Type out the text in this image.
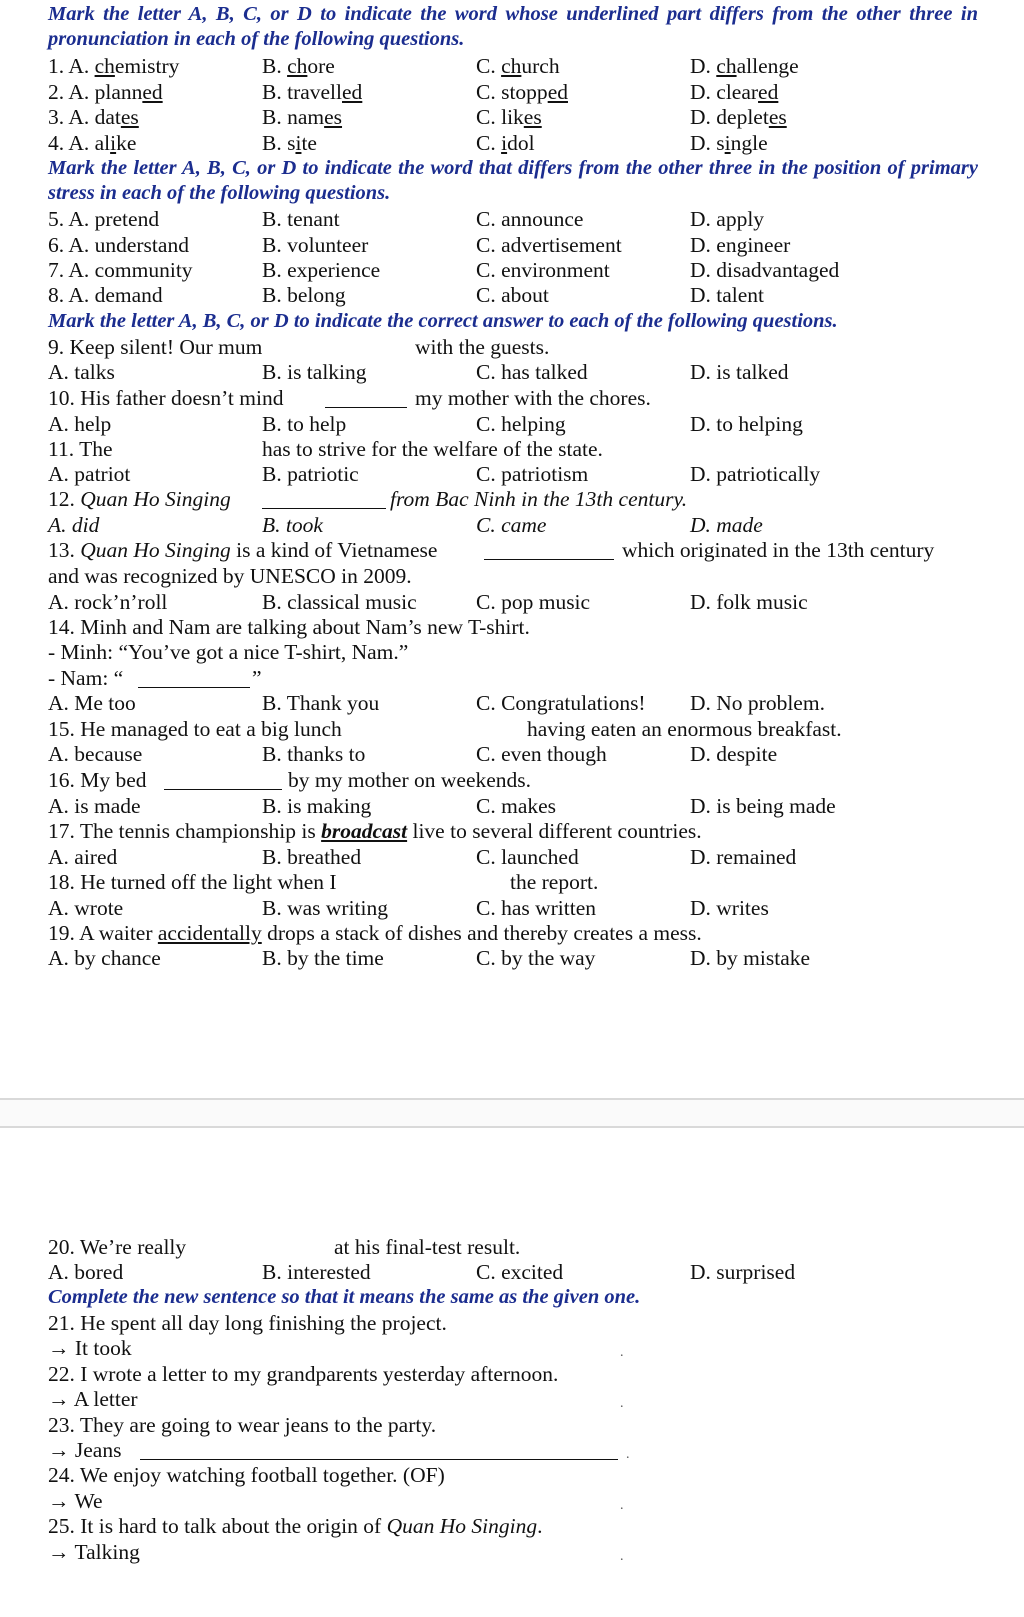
Mark the letter A, B, C, or D to indicate the word whose underlined part differs from the other three in pronunciation in each of the following questions.
1. A. chemistry	B. chore	C. church	D. challenge
2. A. planned	B. travelled	C. stopped	D. cleared
3. A. dates	B. names	C. likes	D. depletes
4. A. alike	B. site	C. idol	D. single
Mark the letter A, B, C, or D to indicate the word that differs from the other three in the position of primary stress in each of the following questions.
5. A. pretend	B. tenant	C. announce	D. apply
6. A. understand	B. volunteer	C. advertisement	D. engineer
7. A. community	B. experience	C. environment	D. disadvantaged
8. A. demand	B. belong	C. about	D. talent
Mark the letter A, B, C, or D to indicate the correct answer to each of the following questions.
9. Keep silent! Our mum	with the guests.
A. talks	B. is talking	C. has talked	D. is talked
10. His father doesn’t mind	my mother with the chores.
A. help	B. to help	C. helping	D. to helping
11. The	has to strive for the welfare of the state.
A. patriot	B. patriotic	C. patriotism	D. patriotically
12. Quan Ho Singing	from Bac Ninh in the 13th century.
A. did	B. took	C. came	D. made
13. Quan Ho Singing is a kind of Vietnamese	which originated in the 13th century
and was recognized by UNESCO in 2009.
A. rock’n’roll	B. classical music	C. pop music	D. folk music
14. Minh and Nam are talking about Nam’s new T-shirt.
- Minh: “You’ve got a nice T-shirt, Nam.”
- Nam: “	”
A. Me too	B. Thank you	C. Congratulations! D. No problem.
15. He managed to eat a big lunch	having eaten an enormous breakfast.
A. because	B. thanks to	C. even though	D. despite
16. My bed	by my mother on weekends.
A. is made	B. is making	C. makes	D. is being made
17. The tennis championship is broadcast live to several different countries.
A. aired	B. breathed	C. launched	D. remained
18. He turned off the light when I	the report.
A. wrote	B. was writing	C. has written	D. writes
19. A waiter accidentally drops a stack of dishes and thereby creates a mess.
A. by chance	B. by the time	C. by the way	D. by mistake
20. We’re really	at his final-test result.
A. bored	B. interested	C. excited	D. surprised
Complete the new sentence so that it means the same as the given one.
21. He spent all day long finishing the project.
→ It took	.
22. I wrote a letter to my grandparents yesterday afternoon.
→ A letter	.
23. They are going to wear jeans to the party.
→ Jeans	.
24. We enjoy watching football together. (OF)
→ We	.
25. It is hard to talk about the origin of Quan Ho Singing.
→ Talking	.
